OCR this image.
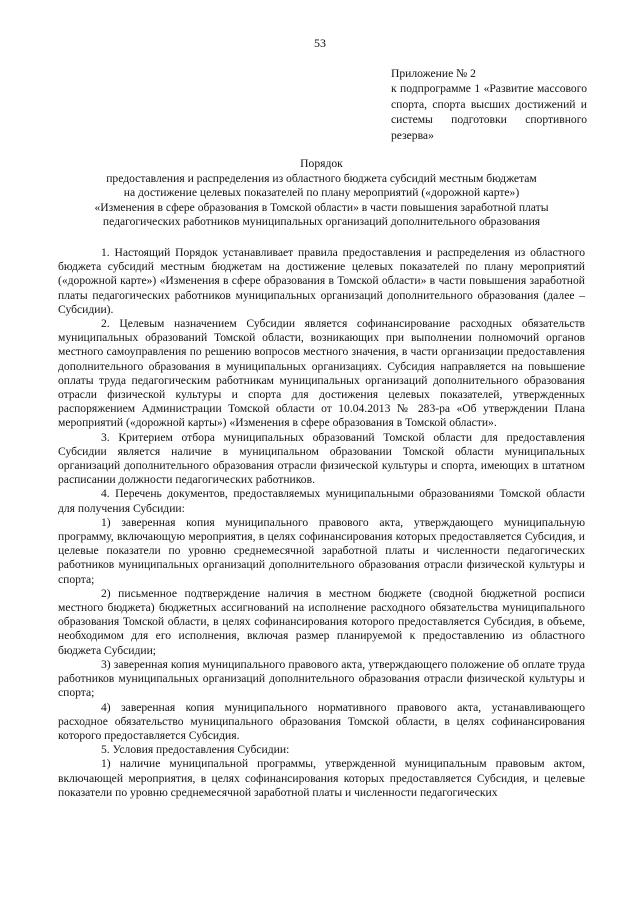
53
Приложение № 2
к подпрограмме 1 «Развитие массового спорта, спорта высших достижений и системы подготовки спортивного резерва»
Порядок
предоставления и распределения из областного бюджета субсидий местным бюджетам
на достижение целевых показателей по плану мероприятий («дорожной карте»)
«Изменения в сфере образования в Томской области» в части повышения заработной платы
педагогических работников муниципальных организаций дополнительного образования

1. Настоящий Порядок устанавливает правила предоставления и распределения из областного бюджета субсидий местным бюджетам на достижение целевых показателей по плану мероприятий («дорожной карте») «Изменения в сфере образования в Томской области» в части повышения заработной платы педагогических работников муниципальных организаций дополнительного образования (далее – Субсидии).

2. Целевым назначением Субсидии является софинансирование расходных обязательств муниципальных образований Томской области, возникающих при выполнении полномочий органов местного самоуправления по решению вопросов местного значения, в части организации предоставления дополнительного образования в муниципальных организациях. Субсидия направляется на повышение оплаты труда педагогическим работникам муниципальных организаций дополнительного образования отрасли физической культуры и спорта для достижения целевых показателей, утвержденных распоряжением Администрации Томской области от 10.04.2013 № 283-ра «Об утверждении Плана мероприятий («дорожной карты») «Изменения в сфере образования в Томской области».

3. Критерием отбора муниципальных образований Томской области для предоставления Субсидии является наличие в муниципальном образовании Томской области муниципальных организаций дополнительного образования отрасли физической культуры и спорта, имеющих в штатном расписании должности педагогических работников.

4. Перечень документов, предоставляемых муниципальными образованиями Томской области для получения Субсидии:

1) заверенная копия муниципального правового акта, утверждающего муниципальную программу, включающую мероприятия, в целях софинансирования которых предоставляется Субсидия, и целевые показатели по уровню среднемесячной заработной платы и численности педагогических работников муниципальных организаций дополнительного образования отрасли физической культуры и спорта;

2) письменное подтверждение наличия в местном бюджете (сводной бюджетной росписи местного бюджета) бюджетных ассигнований на исполнение расходного обязательства муниципального образования Томской области, в целях софинансирования которого предоставляется Субсидия, в объеме, необходимом для его исполнения, включая размер планируемой к предоставлению из областного бюджета Субсидии;

3) заверенная копия муниципального правового акта, утверждающего положение об оплате труда работников муниципальных организаций дополнительного образования отрасли физической культуры и спорта;

4) заверенная копия муниципального нормативного правового акта, устанавливающего расходное обязательство муниципального образования Томской области, в целях софинансирования которого предоставляется Субсидия.

5. Условия предоставления Субсидии:

1) наличие муниципальной программы, утвержденной муниципальным правовым актом, включающей мероприятия, в целях софинансирования которых предоставляется Субсидия, и целевые показатели по уровню среднемесячной заработной платы и численности педагогических
